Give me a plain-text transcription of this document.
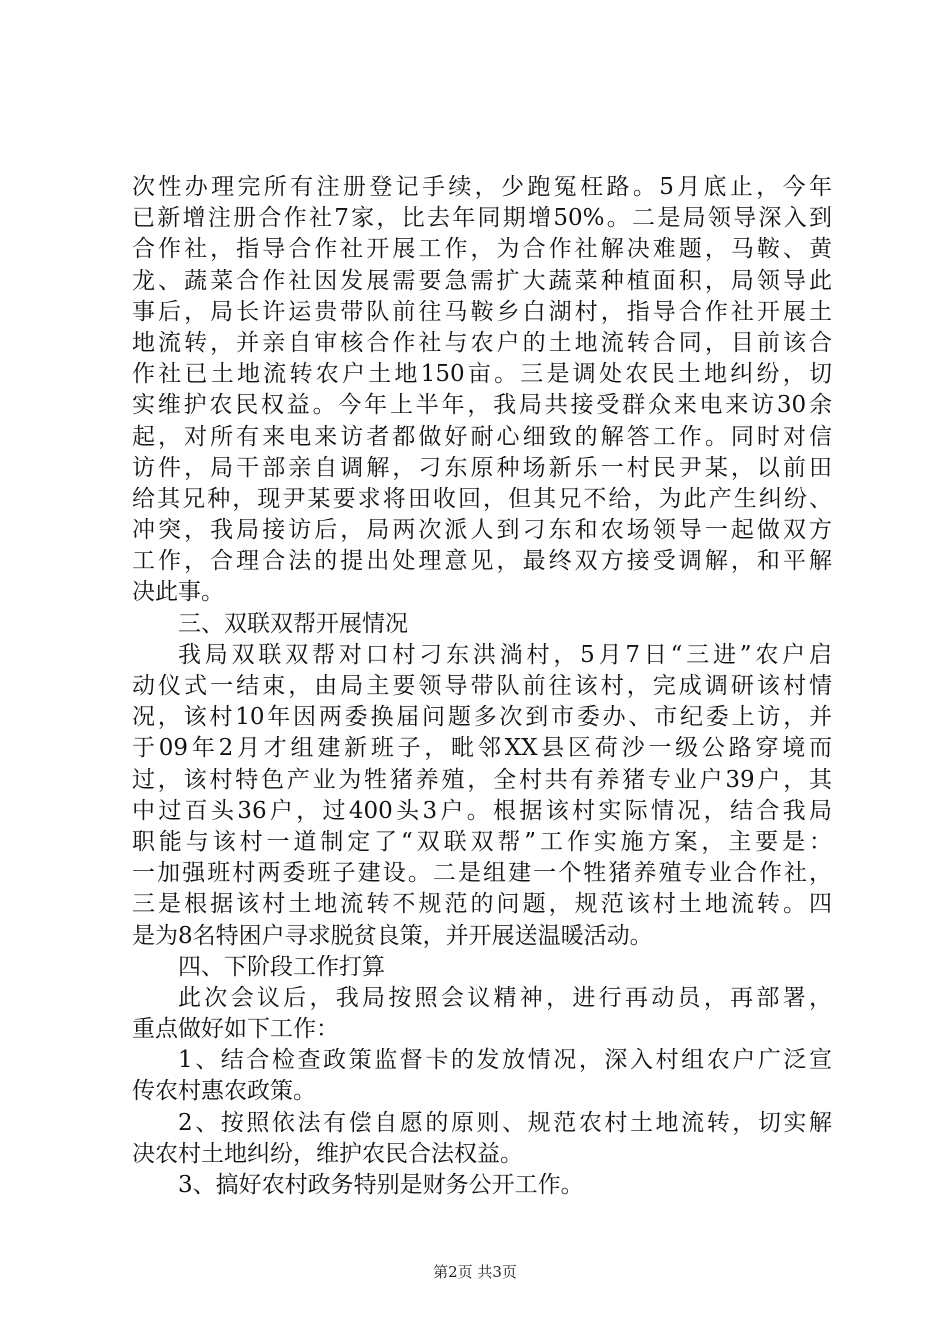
次性办理完所有注册登记手续，少跑冤枉路。5月底止，今年
已新增注册合作社7家，比去年同期增50%。二是局领导深入到
合作社，指导合作社开展工作，为合作社解决难题，马鞍、黄
龙、蔬菜合作社因发展需要急需扩大蔬菜种植面积，局领导此
事后，局长许运贵带队前往马鞍乡白湖村，指导合作社开展土
地流转，并亲自审核合作社与农户的土地流转合同，目前该合
作社已土地流转农户土地150亩。三是调处农民土地纠纷，切
实维护农民权益。今年上半年，我局共接受群众来电来访30余
起，对所有来电来访者都做好耐心细致的解答工作。同时对信
访件，局干部亲自调解，刁东原种场新乐一村民尹某，以前田
给其兄种，现尹某要求将田收回，但其兄不给，为此产生纠纷、
冲突，我局接访后，局两次派人到刁东和农场领导一起做双方
工作，合理合法的提出处理意见，最终双方接受调解，和平解
决此事。
三、双联双帮开展情况
我局双联双帮对口村刁东洪淌村，5月7日“三进”农户启
动仪式一结束，由局主要领导带队前往该村，完成调研该村情
况，该村10年因两委换届问题多次到市委办、市纪委上访，并
于09年2月才组建新班子，毗邻XX县区荷沙一级公路穿境而
过，该村特色产业为牲猪养殖，全村共有养猪专业户39户，其
中过百头36户，过400头3户。根据该村实际情况，结合我局
职能与该村一道制定了“双联双帮”工作实施方案，主要是：
一加强班村两委班子建设。二是组建一个牲猪养殖专业合作社，
三是根据该村土地流转不规范的问题，规范该村土地流转。四
是为8名特困户寻求脱贫良策，并开展送温暖活动。
四、下阶段工作打算
此次会议后，我局按照会议精神，进行再动员，再部署，
重点做好如下工作：
1、结合检查政策监督卡的发放情况，深入村组农户广泛宣
传农村惠农政策。
2、按照依法有偿自愿的原则、规范农村土地流转，切实解
决农村土地纠纷，维护农民合法权益。
3、搞好农村政务特别是财务公开工作。
第2页 共3页
